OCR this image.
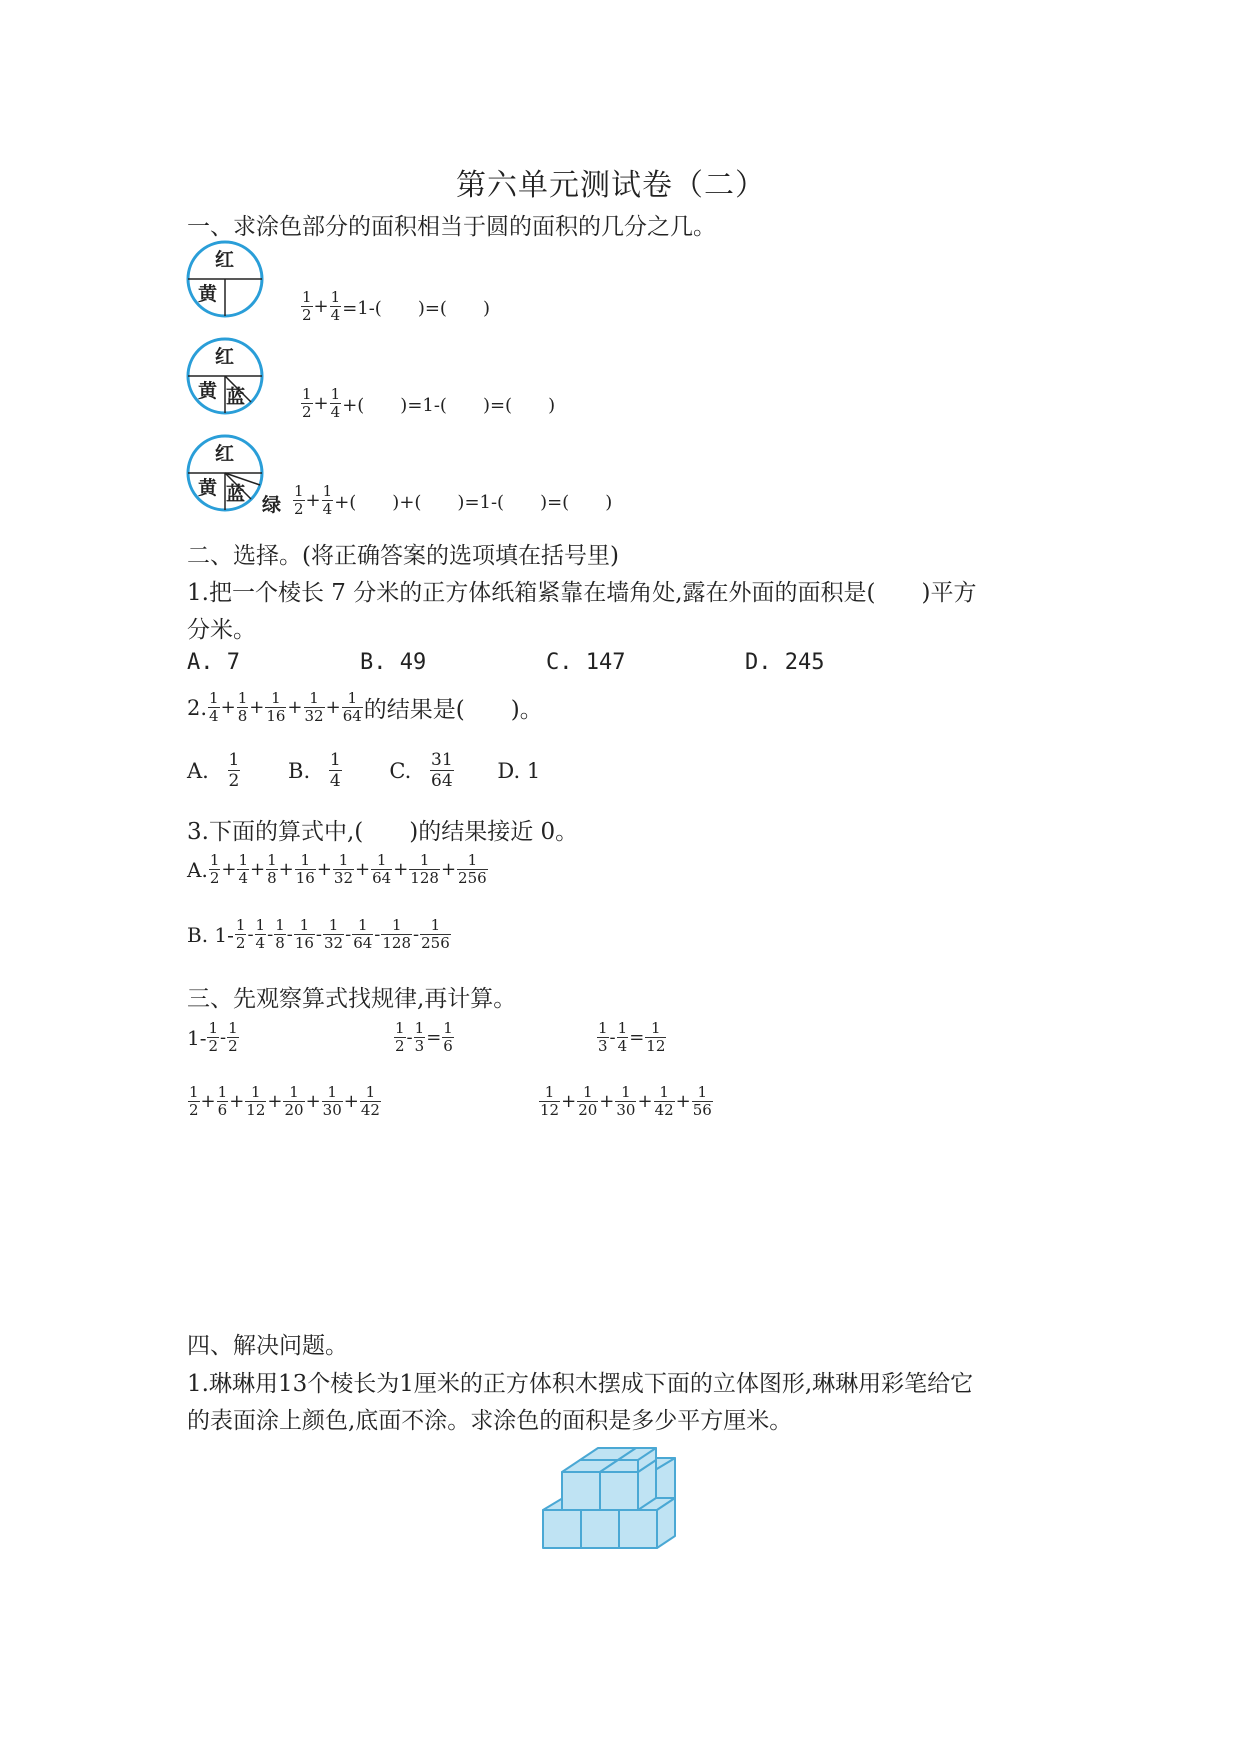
第六单元测试卷（二）
一、求涂色部分的面积相当于圆的面积的几分之几。
红
黄	$\frac{1}{2} + \frac{1}{4} =1-$(　　)=(　　)
红
黄 蓝	$\frac{1}{2} + \frac{1}{4}$ +(　　)=1-(　　)=(　　)
红
黄 蓝 绿 $\frac{1}{2} + \frac{1}{4}$ +(　　)+(　　)=1-(　　)=(　　)
二、选择。(将正确答案的选项填在括号里)
1.把一个棱长 7 分米的正方体纸箱紧靠在墙角处,露在外面的面积是(　　)平方
分米。
A. 7	B. 49	C. 147	D. 245
2. $\frac{1}{4} + \frac{1}{8} + \frac{1}{16} + \frac{1}{32} + \frac{1}{64}$ 的结果是(　　)。
A. $\frac{1}{2} B$. $\frac{1}{4} C$. $\frac{31}{64} D$. 1
3.下面的算式中,(　　)的结果接近 0。
A. $\frac{1}{2} + \frac{1}{4} + \frac{1}{8} + \frac{1}{16} + \frac{1}{32} + \frac{1}{64} + \frac{1}{128} + \frac{1}{256}$
B. $1- \frac{1}{2} - \frac{1}{4} - \frac{1}{8} - \frac{1}{16} - \frac{1}{32} - \frac{1}{64} - \frac{1}{128} - \frac{1}{256}$
三、先观察算式找规律,再计算。
$1- \frac{1}{2} - \frac{1}{2}$	$\frac{1}{2} - \frac{1}{3} = \frac{1}{6}$	$\frac{1}{3} - \frac{1}{4} = \frac{1}{12}$
$\frac{1}{2} + \frac{1}{6} + \frac{1}{12} + \frac{1}{20} + \frac{1}{30} + \frac{1}{42}$	$\frac{1}{12} + \frac{1}{20} + \frac{1}{30} + \frac{1}{42} + \frac{1}{56}$
四、解决问题。
1.琳琳用13个棱长为1厘米的正方体积木摆成下面的立体图形,琳琳用彩笔给它
的表面涂上颜色,底面不涂。求涂色的面积是多少平方厘米。
